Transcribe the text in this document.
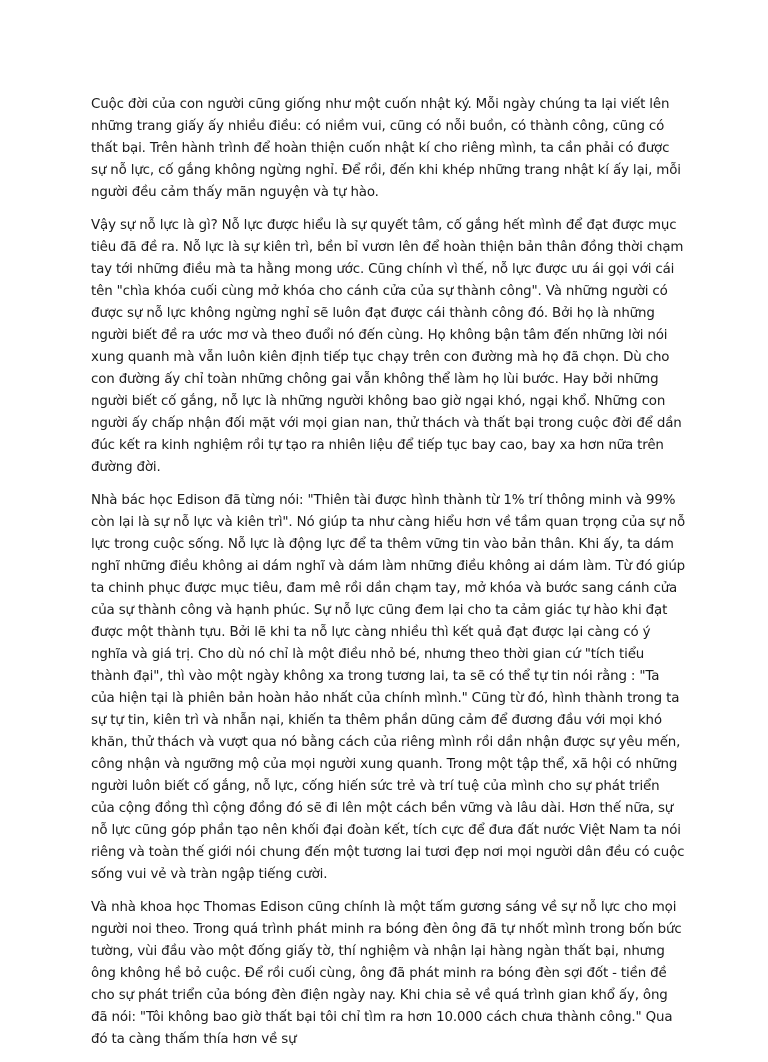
Cuộc đời của con người cũng giống như một cuốn nhật ký. Mỗi ngày chúng ta lại viết lên những trang giấy ấy nhiều điều: có niềm vui, cũng có nỗi buồn, có thành công, cũng có thất bại. Trên hành trình để hoàn thiện cuốn nhật kí cho riêng mình, ta cần phải có được sự nỗ lực, cố gắng không ngừng nghỉ. Để rồi, đến khi khép những trang nhật kí ấy lại, mỗi người đều cảm thấy mãn nguyện và tự hào.

Vậy sự nỗ lực là gì? Nỗ lực được hiểu là sự quyết tâm, cố gắng hết mình để đạt được mục tiêu đã đề ra. Nỗ lực là sự kiên trì, bền bỉ vươn lên để hoàn thiện bản thân đồng thời chạm tay tới những điều mà ta hằng mong ước. Cũng chính vì thế, nỗ lực được ưu ái gọi với cái tên "chìa khóa cuối cùng mở khóa cho cánh cửa của sự thành công". Và những người có được sự nỗ lực không ngừng nghỉ sẽ luôn đạt được cái thành công đó. Bởi họ là những người biết đề ra ước mơ và theo đuổi nó đến cùng. Họ không bận tâm đến những lời nói xung quanh mà vẫn luôn kiên định tiếp tục chạy trên con đường mà họ đã chọn. Dù cho con đường ấy chỉ toàn những chông gai vẫn không thể làm họ lùi bước. Hay bởi những người biết cố gắng, nỗ lực là những người không bao giờ ngại khó, ngại khổ. Những con người ấy chấp nhận đối mặt với mọi gian nan, thử thách và thất bại trong cuộc đời để dần đúc kết ra kinh nghiệm rồi tự tạo ra nhiên liệu để tiếp tục bay cao, bay xa hơn nữa trên đường đời.

Nhà bác học Edison đã từng nói: "Thiên tài được hình thành từ 1% trí thông minh và 99% còn lại là sự nỗ lực và kiên trì". Nó giúp ta như càng hiểu hơn về tầm quan trọng của sự nỗ lực trong cuộc sống. Nỗ lực là động lực để ta thêm vững tin vào bản thân. Khi ấy, ta dám nghĩ những điều không ai dám nghĩ và dám làm những điều không ai dám làm. Từ đó giúp ta chinh phục được mục tiêu, đam mê rồi dần chạm tay, mở khóa và bước sang cánh cửa của sự thành công và hạnh phúc. Sự nỗ lực cũng đem lại cho ta cảm giác tự hào khi đạt được một thành tựu. Bởi lẽ khi ta nỗ lực càng nhiều thì kết quả đạt được lại càng có ý nghĩa và giá trị. Cho dù nó chỉ là một điều nhỏ bé, nhưng theo thời gian cứ "tích tiểu thành đại", thì vào một ngày không xa trong tương lai, ta sẽ có thể tự tin nói rằng : "Ta của hiện tại là phiên bản hoàn hảo nhất của chính mình." Cũng từ đó, hình thành trong ta sự tự tin, kiên trì và nhẫn nại, khiến ta thêm phần dũng cảm để đương đầu với mọi khó khăn, thử thách và vượt qua nó bằng cách của riêng mình rồi dần nhận được sự yêu mến, công nhận và ngưỡng mộ của mọi người xung quanh. Trong một tập thể, xã hội có những người luôn biết cố gắng, nỗ lực, cống hiến sức trẻ và trí tuệ của mình cho sự phát triển của cộng đồng thì cộng đồng đó sẽ đi lên một cách bền vững và lâu dài. Hơn thế nữa, sự nỗ lực cũng góp phần tạo nên khối đại đoàn kết, tích cực để đưa đất nước Việt Nam ta nói riêng và toàn thế giới nói chung đến một tương lai tươi đẹp nơi mọi người dân đều có cuộc sống vui vẻ và tràn ngập tiếng cười.

Và nhà khoa học Thomas Edison cũng chính là một tấm gương sáng về sự nỗ lực cho mọi người noi theo. Trong quá trình phát minh ra bóng đèn ông đã tự nhốt mình trong bốn bức tường, vùi đầu vào một đống giấy tờ, thí nghiệm và nhận lại hàng ngàn thất bại, nhưng ông không hề bỏ cuộc. Để rồi cuối cùng, ông đã phát minh ra bóng đèn sợi đốt - tiền đề cho sự phát triển của bóng đèn điện ngày nay. Khi chia sẻ về quá trình gian khổ ấy, ông đã nói: "Tôi không bao giờ thất bại tôi chỉ tìm ra hơn 10.000 cách chưa thành công." Qua đó ta càng thấm thía hơn về sự
